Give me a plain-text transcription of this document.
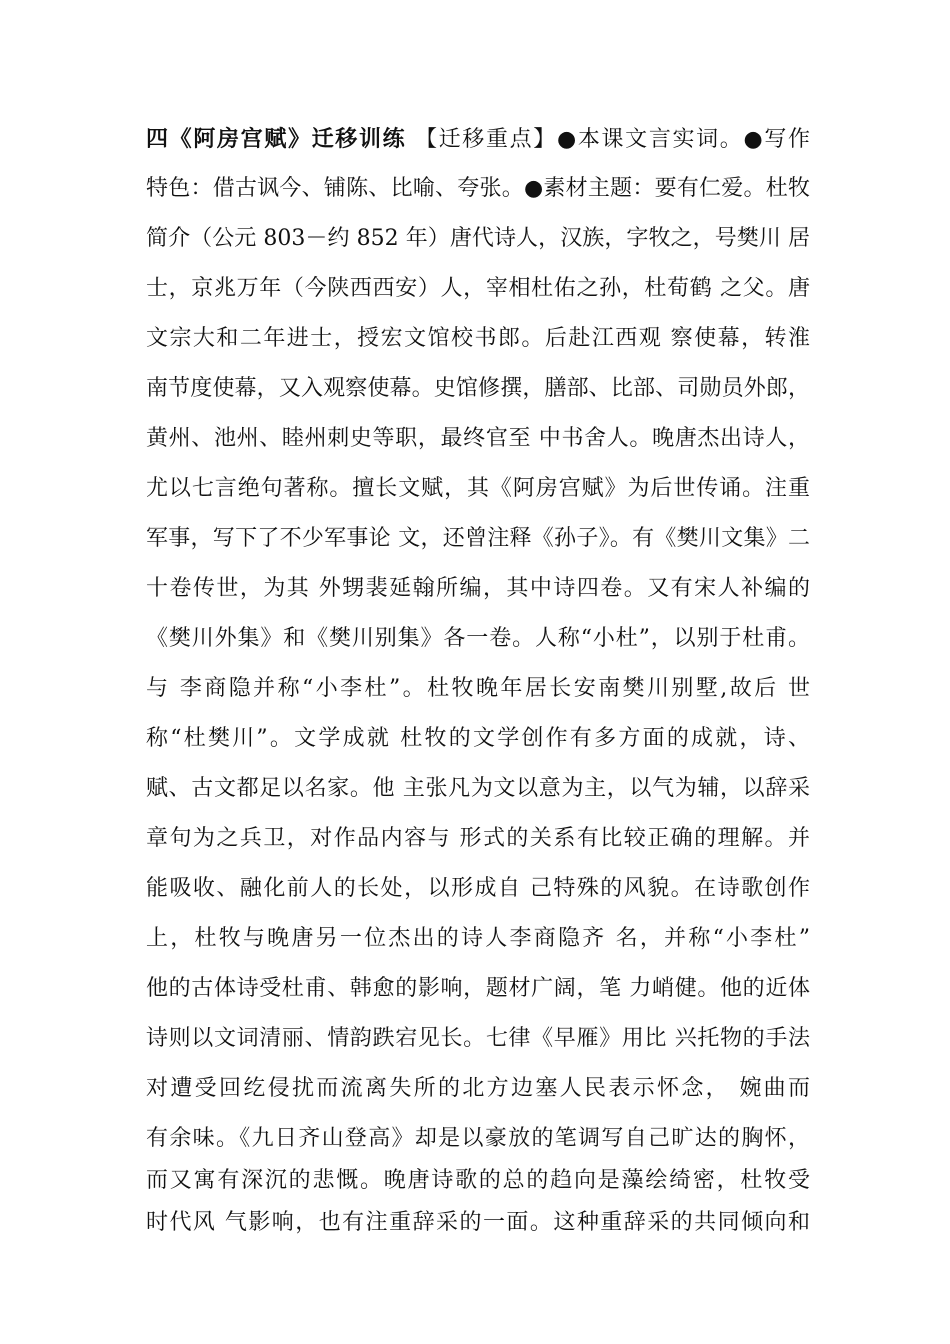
四《阿房宫赋》迁移训练 【迁移重点】●本课文言实词。●写作
特色：借古讽今、铺陈、比喻、夸张。●素材主题：要有仁爱。杜牧
简介（公元 803－约 852 年）唐代诗人，汉族，字牧之，号樊川 居
士，京兆万年（今陕西西安）人，宰相杜佑之孙，杜荀鹤 之父。唐
文宗大和二年进士，授宏文馆校书郎。后赴江西观 察使幕，转淮
南节度使幕，又入观察使幕。史馆修撰，膳部、比部、司勋员外郎，
黄州、池州、睦州刺史等职，最终官至 中书舍人。晚唐杰出诗人，
尤以七言绝句著称。擅长文赋，其《阿房宫赋》为后世传诵。注重
军事，写下了不少军事论 文，还曾注释《孙子》。有《樊川文集》二
十卷传世，为其 外甥裴延翰所编，其中诗四卷。又有宋人补编的
《樊川外集》和《樊川别集》各一卷。人称“小杜”，以别于杜甫。
与 李商隐并称“小李杜”。杜牧晚年居长安南樊川别墅,故后 世
称“杜樊川”。文学成就 杜牧的文学创作有多方面的成就，诗、
赋、古文都足以名家。他 主张凡为文以意为主，以气为辅，以辞采
章句为之兵卫，对作品内容与 形式的关系有比较正确的理解。并
能吸收、融化前人的长处，以形成自 己特殊的风貌。在诗歌创作
上，杜牧与晚唐另一位杰出的诗人李商隐齐 名，并称“小李杜”
他的古体诗受杜甫、韩愈的影响，题材广阔，笔 力峭健。他的近体
诗则以文词清丽、情韵跌宕见长。七律《早雁》用比 兴托物的手法
对遭受回纥侵扰而流离失所的北方边塞人民表示怀念， 婉曲而
有余味。《九日齐山登高》却是以豪放的笔调写自己旷达的胸怀，
而又寓有深沉的悲慨。晚唐诗歌的总的趋向是藻绘绮密，杜牧受
时代风 气影响，也有注重辞采的一面。这种重辞采的共同倾向和
